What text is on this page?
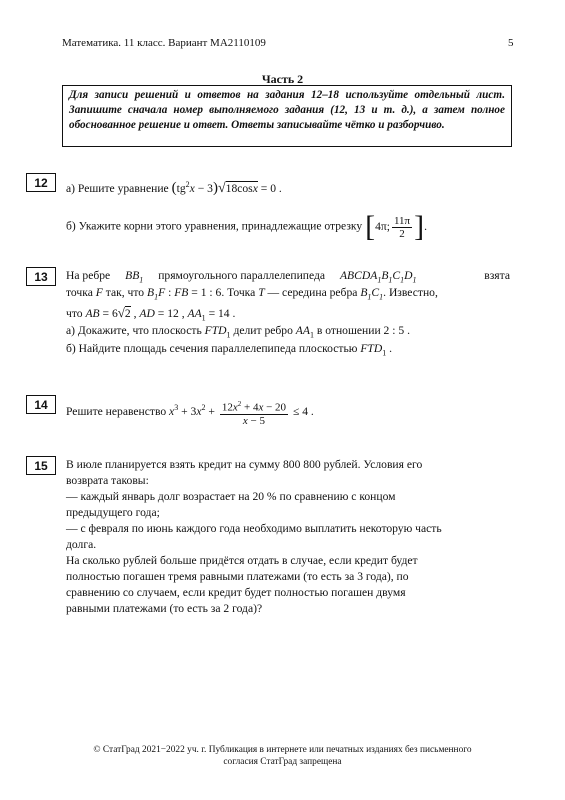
Математика. 11 класс. Вариант МА2110109	5
Часть 2
Для записи решений и ответов на задания 12–18 используйте отдельный лист. Запишите сначала номер выполняемого задания (12, 13 и т. д.), а затем полное обоснованное решение и ответ. Ответы записывайте чётко и разборчиво.
12	а) Решите уравнение $(tg^2x - 3)√18\cos x = 0$ .
б) Укажите корни этого уравнения, принадлежащие отрезку [4π; $\frac{11\pi}{2}$ ].
13	На ребре $BB_1$ прямоугольного параллелепипеда $ABCDA_1B_1C_1D_1$	взята
точка F так, что $B_1F$ : FB = 1 : 6. Точка T — середина ребра $B_1C_1$. Известно,
что AB = 6√2 , AD = 12 , $AA_1 = 14$ .
а) Докажите, что плоскость $FTD_1$ делит ребро $AA_1$ в отношении 2 : 5 .
б) Найдите площадь сечения параллелепипеда плоскостью $FTD_1$ .
14	Решите неравенство $x^3 + 3x^2 + \frac{12x^2 + 4x - 20}{x - 5} \le 4$ .
15	В июле планируется взять кредит на сумму 800 800 рублей. Условия его
возврата таковы:
— каждый январь долг возрастает на 20 % по сравнению с концом
предыдущего года;
— с февраля по июнь каждого года необходимо выплатить некоторую часть
долга.
На сколько рублей больше придётся отдать в случае, если кредит будет
полностью погашен тремя равными платежами (то есть за 3 года), по
сравнению со случаем, если кредит будет полностью погашен двумя
равными платежами (то есть за 2 года)?
© СтатГрад 2021−2022 уч. г. Публикация в интернете или печатных изданиях без письменного
согласия СтатГрад запрещена
